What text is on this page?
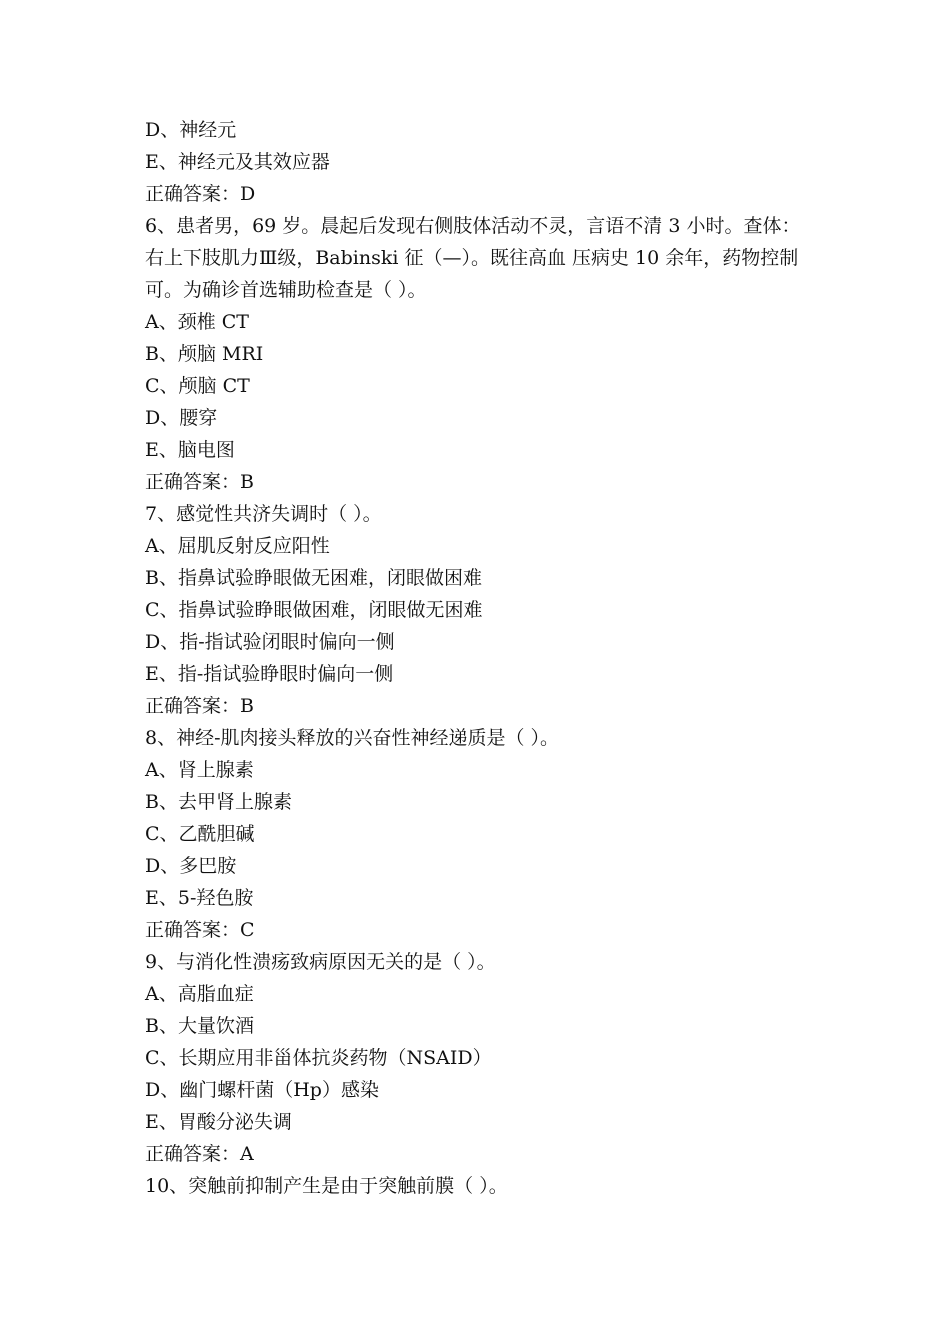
D、神经元
E、神经元及其效应器
正确答案：D
6、患者男，69 岁。晨起后发现右侧肢体活动不灵，言语不清 3 小时。查体：右上下肢肌力Ⅲ级，Babinski 征（—）。既往高血 压病史 10 余年，药物控制可。为确诊首选辅助检查是（ ）。
A、颈椎 CT
B、颅脑 MRI
C、颅脑 CT
D、腰穿
E、脑电图
正确答案：B
7、感觉性共济失调时（ ）。
A、屈肌反射反应阳性
B、指鼻试验睁眼做无困难，闭眼做困难
C、指鼻试验睁眼做困难，闭眼做无困难
D、指-指试验闭眼时偏向一侧
E、指-指试验睁眼时偏向一侧
正确答案：B
8、神经-肌肉接头释放的兴奋性神经递质是（ ）。
A、肾上腺素
B、去甲肾上腺素
C、乙酰胆碱
D、多巴胺
E、5-羟色胺
正确答案：C
9、与消化性溃疡致病原因无关的是（ ）。
A、高脂血症
B、大量饮酒
C、长期应用非甾体抗炎药物（NSAID）
D、幽门螺杆菌（Hp）感染
E、胃酸分泌失调
正确答案：A
10、突触前抑制产生是由于突触前膜（ ）。
